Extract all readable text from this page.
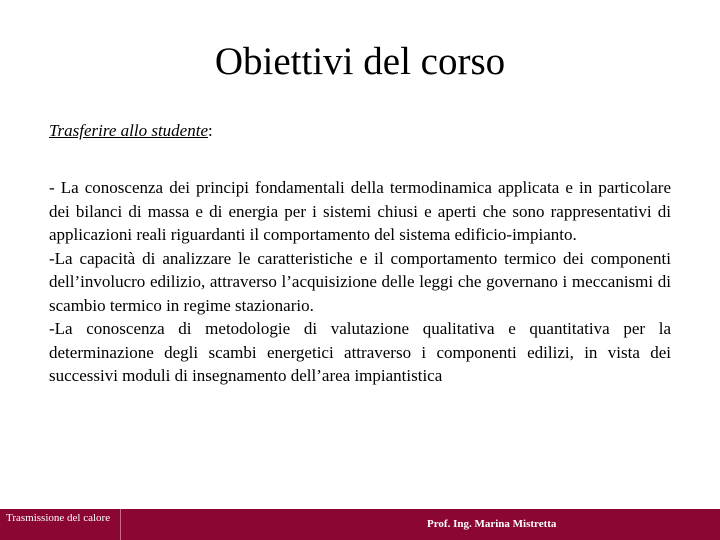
Obiettivi del corso
Trasferire allo studente:

- La conoscenza dei principi fondamentali della termodinamica applicata e in particolare dei bilanci di massa e di energia per i sistemi chiusi e aperti che sono rappresentativi di applicazioni reali riguardanti il comportamento del sistema edificio-impianto.

-La capacità di analizzare le caratteristiche e il comportamento termico dei componenti dell’involucro edilizio, attraverso l’acquisizione delle leggi che governano i meccanismi di scambio termico in regime stazionario.

-La conoscenza di metodologie di valutazione qualitativa e quantitativa per la determinazione degli scambi energetici attraverso i componenti edilizi, in vista dei successivi moduli di insegnamento dell’area impiantistica

Trasmissione del calore	Prof. Ing. Marina Mistretta
